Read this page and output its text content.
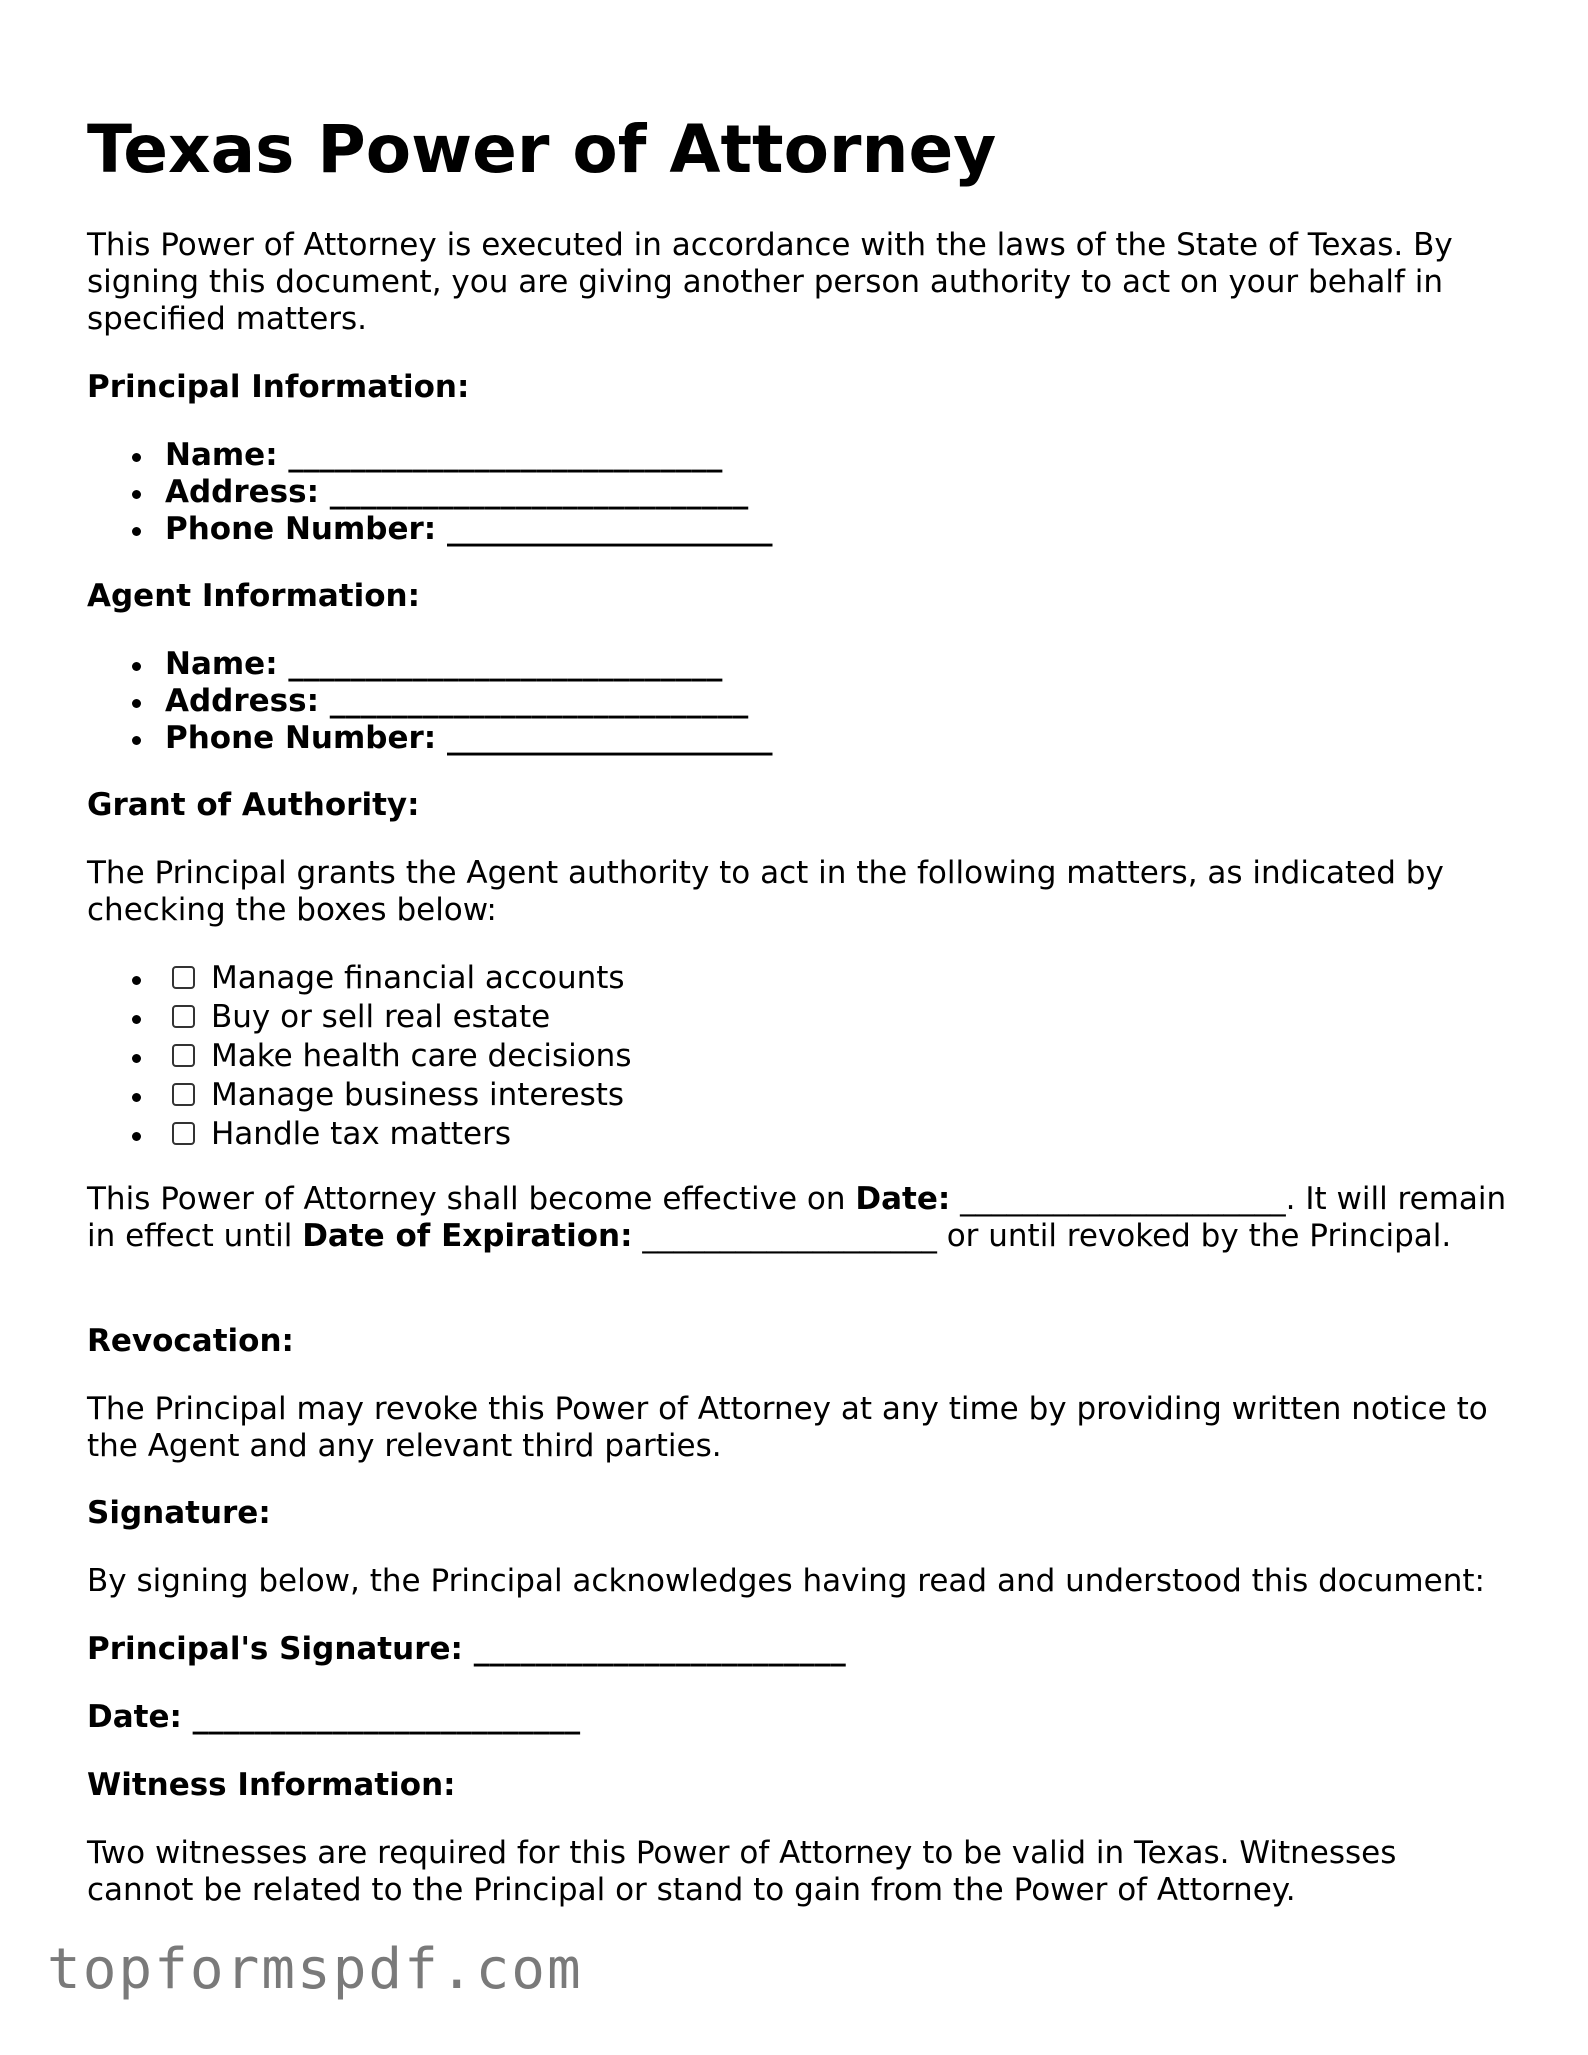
Texas Power of Attorney

This Power of Attorney is executed in accordance with the laws of the State of Texas. By signing this document, you are giving another person authority to act on your behalf in specified matters.

Principal Information:

Name: ____________________________
Address: ___________________________
Phone Number: _____________________

Agent Information:

Name: ____________________________
Address: ___________________________
Phone Number: _____________________

Grant of Authority:

The Principal grants the Agent authority to act in the following matters, as indicated by checking the boxes below:

Manage financial accounts
Buy or sell real estate
Make health care decisions
Manage business interests
Handle tax matters

This Power of Attorney shall become effective on Date: _____________________. It will remain in effect until Date of Expiration: ___________________ or until revoked by the Principal.

Revocation:

The Principal may revoke this Power of Attorney at any time by providing written notice to the Agent and any relevant third parties.

Signature:

By signing below, the Principal acknowledges having read and understood this document:

Principal's Signature: ________________________

Date: _________________________

Witness Information:

Two witnesses are required for this Power of Attorney to be valid in Texas. Witnesses cannot be related to the Principal or stand to gain from the Power of Attorney.

topformspdf.com
